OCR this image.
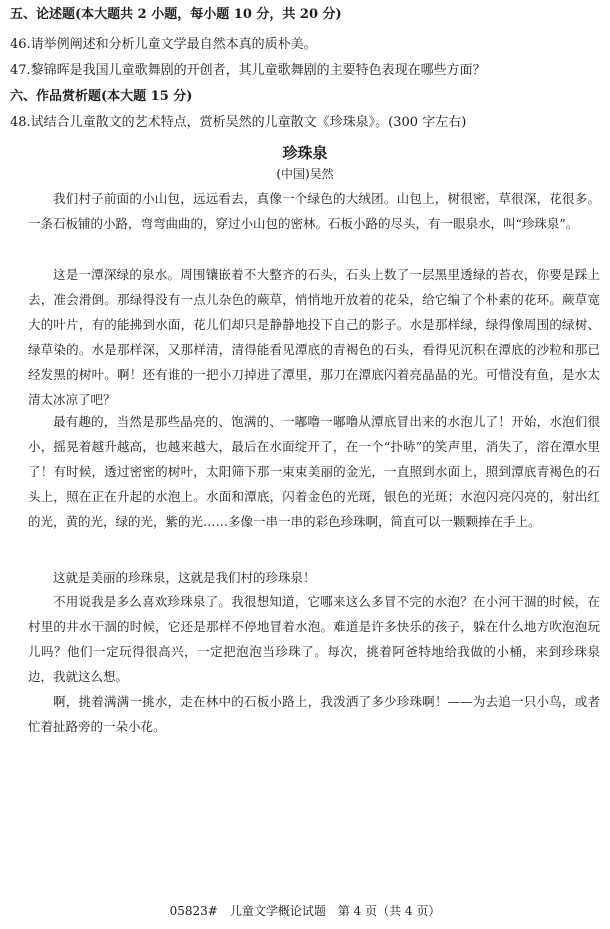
五、论述题(本大题共 2 小题，每小题 10 分，共 20 分)
46.请举例阐述和分析儿童文学最自然本真的质朴美。
47.黎锦晖是我国儿童歌舞剧的开创者，其儿童歌舞剧的主要特色表现在哪些方面？
六、作品赏析题(本大题 15 分)
48.试结合儿童散文的艺术特点，赏析吴然的儿童散文《珍珠泉》。(300 字左右)
珍珠泉
(中国)吴然
我们村子前面的小山包，远远看去，真像一个绿色的大绒团。山包上，树很密，草很深，花很多。一条石板铺的小路，弯弯曲曲的，穿过小山包的密林。石板小路的尽头，有一眼泉水，叫“珍珠泉”。
这是一潭深绿的泉水。周围镶嵌着不大整齐的石头，石头上数了一层黑里透绿的苔衣，你要是踩上去，准会滑倒。那绿得没有一点儿杂色的蕨草，悄悄地开放着的花朵，给它编了个朴素的花环。蕨草宽大的叶片，有的能拂到水面，花儿们却只是静静地投下自己的影子。水是那样绿，绿得像周围的绿树、绿草染的。水是那样深，又那样清，清得能看见潭底的青褐色的石头，看得见沉积在潭底的沙粒和那已经发黑的树叶。啊！还有谁的一把小刀掉进了潭里，那刀在潭底闪着亮晶晶的光。可惜没有鱼，是水太清太冰凉了吧？
最有趣的，当然是那些晶亮的、饱满的、一嘟噜一嘟噜从潭底冒出来的水泡儿了！开始，水泡们很小，摇晃着越升越高，也越来越大，最后在水面绽开了，在一个“扑哧”的笑声里，消失了，溶在潭水里了！有时候，透过密密的树叶，太阳筛下那一束束美丽的金光，一直照到水面上，照到潭底青褐色的石头上，照在正在升起的水泡上。水面和潭底，闪着金色的光斑，银色的光斑；水泡闪亮闪亮的，射出红的光，黄的光，绿的光，紫的光……多像一串一串的彩色珍珠啊，简直可以一颗颗捧在手上。
这就是美丽的珍珠泉，这就是我们村的珍珠泉！
不用说我是多么喜欢珍珠泉了。我很想知道，它哪来这么多冒不完的水泡？在小河干涸的时候，在村里的井水干涸的时候，它还是那样不停地冒着水泡。难道是许多快乐的孩子，躲在什么地方吹泡泡玩儿吗？他们一定玩得很高兴，一定把泡泡当珍珠了。每次，挑着阿爸特地给我做的小桶，来到珍珠泉边，我就这么想。
啊，挑着满满一挑水，走在林中的石板小路上，我泼洒了多少珍珠啊！——为去追一只小鸟，或者忙着扯路旁的一朵小花。
05823#　儿童文学概论试题　第 4 页（共 4 页）
